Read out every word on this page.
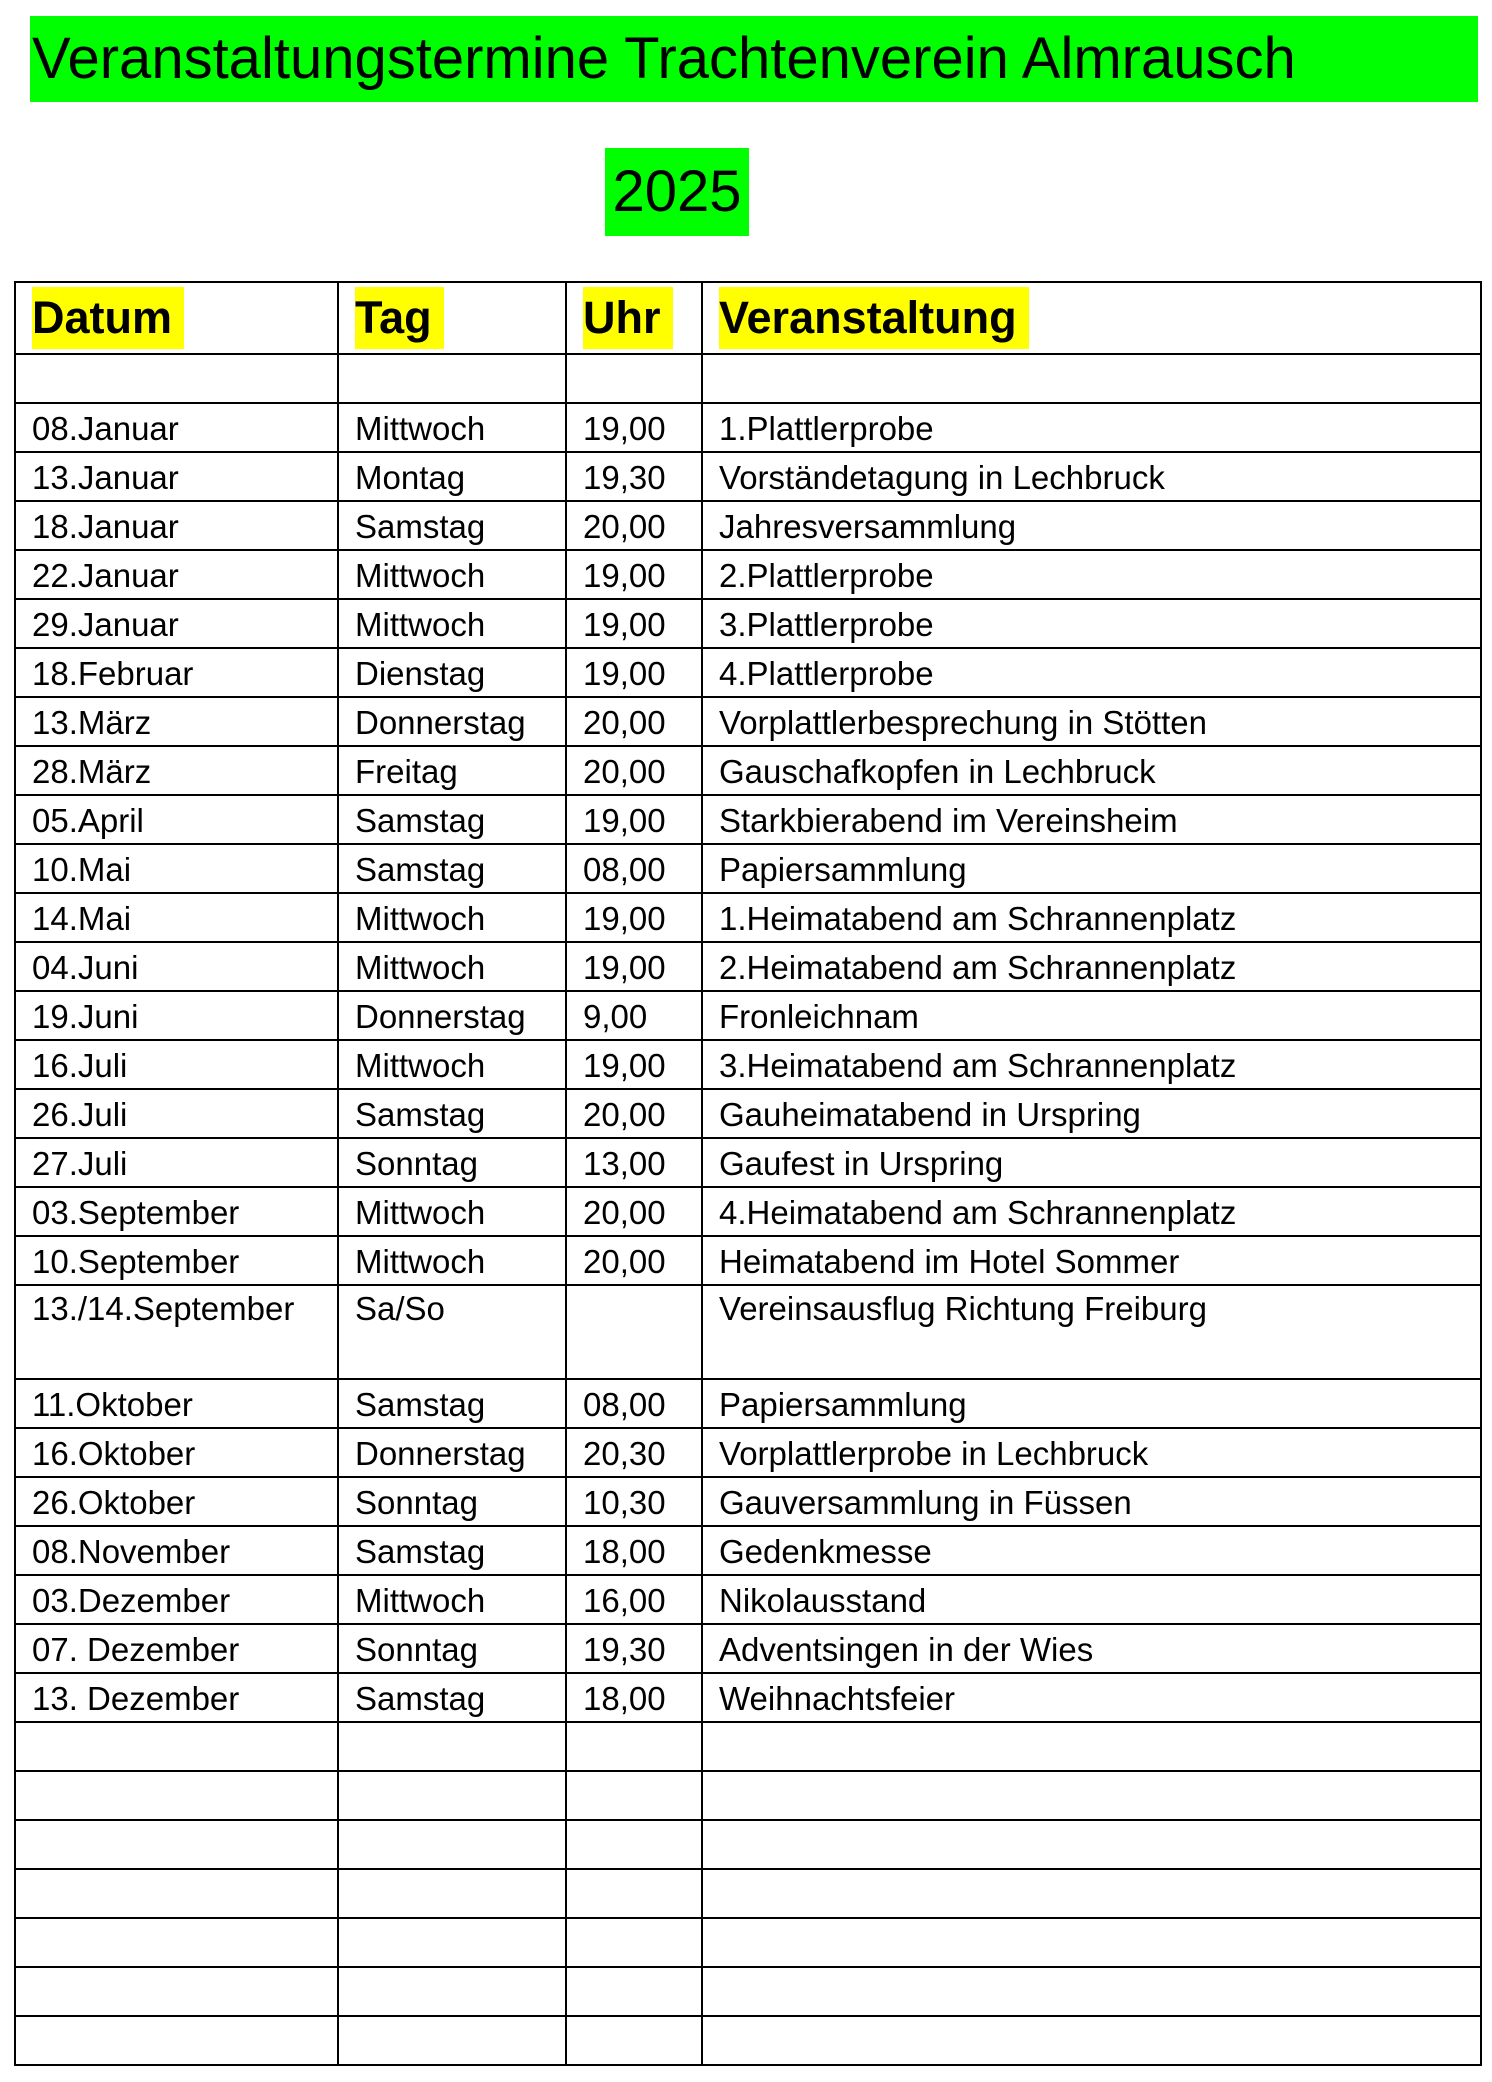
Veranstaltungstermine Trachtenverein Almrausch
2025
Datum	Tag	Uhr	Veranstaltung

08.Januar	Mittwoch	19,00	1.Plattlerprobe
13.Januar	Montag	19,30	Vorständetagung in Lechbruck
18.Januar	Samstag	20,00	Jahresversammlung
22.Januar	Mittwoch	19,00	2.Plattlerprobe
29.Januar	Mittwoch	19,00	3.Plattlerprobe
18.Februar	Dienstag	19,00	4.Plattlerprobe
13.März	Donnerstag	20,00	Vorplattlerbesprechung in Stötten
28.März	Freitag	20,00	Gauschafkopfen in Lechbruck
05.April	Samstag	19,00	Starkbierabend im Vereinsheim
10.Mai	Samstag	08,00	Papiersammlung
14.Mai	Mittwoch	19,00	1.Heimatabend am Schrannenplatz
04.Juni	Mittwoch	19,00	2.Heimatabend am Schrannenplatz
19.Juni	Donnerstag	9,00	Fronleichnam
16.Juli	Mittwoch	19,00	3.Heimatabend am Schrannenplatz
26.Juli	Samstag	20,00	Gauheimatabend in Urspring
27.Juli	Sonntag	13,00	Gaufest in Urspring
03.September	Mittwoch	20,00	4.Heimatabend am Schrannenplatz
10.September	Mittwoch	20,00	Heimatabend im Hotel Sommer
13./14.September	Sa/So		Vereinsausflug Richtung Freiburg
11.Oktober	Samstag	08,00	Papiersammlung
16.Oktober	Donnerstag	20,30	Vorplattlerprobe in Lechbruck
26.Oktober	Sonntag	10,30	Gauversammlung in Füssen
08.November	Samstag	18,00	Gedenkmesse
03.Dezember	Mittwoch	16,00	Nikolausstand
07. Dezember	Sonntag	19,30	Adventsingen in der Wies
13. Dezember	Samstag	18,00	Weihnachtsfeier
